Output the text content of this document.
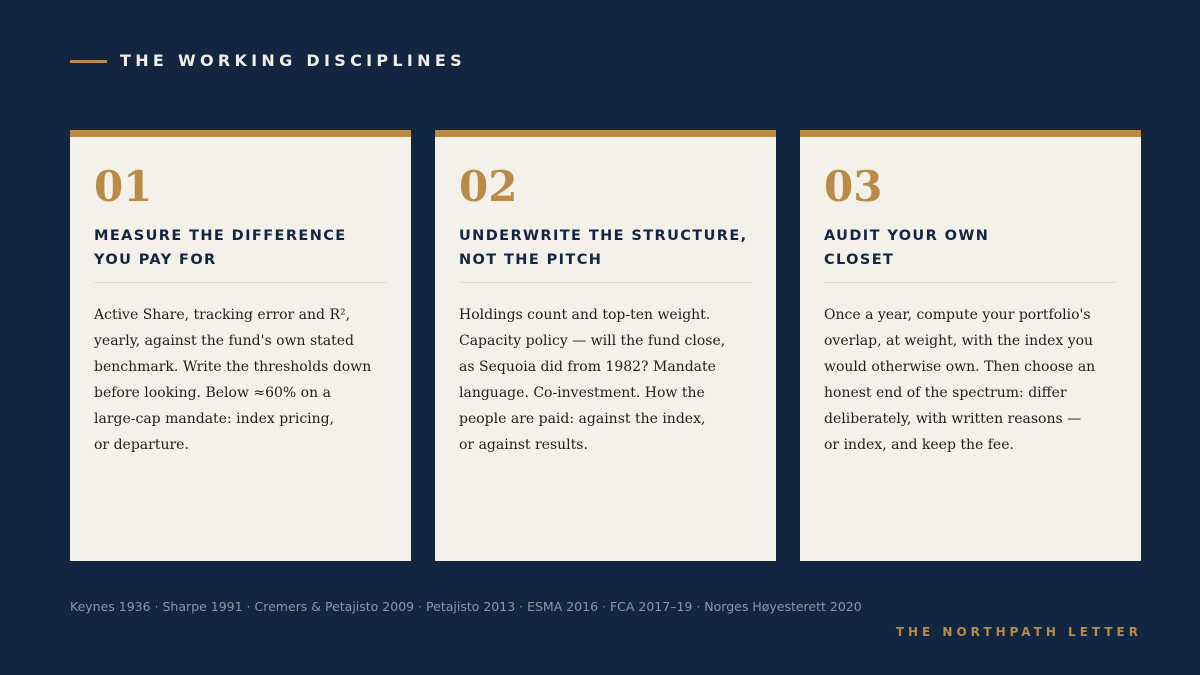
THE WORKING DISCIPLINES
01
MEASURE THE DIFFERENCE
YOU PAY FOR
Active Share, tracking error and R²,
yearly, against the fund's own stated
benchmark. Write the thresholds down
before looking. Below ≈60% on a
large-cap mandate: index pricing,
or departure.
02
UNDERWRITE THE STRUCTURE,
NOT THE PITCH
Holdings count and top-ten weight.
Capacity policy — will the fund close,
as Sequoia did from 1982? Mandate
language. Co-investment. How the
people are paid: against the index,
or against results.
03
AUDIT YOUR OWN
CLOSET
Once a year, compute your portfolio's
overlap, at weight, with the index you
would otherwise own. Then choose an
honest end of the spectrum: differ
deliberately, with written reasons —
or index, and keep the fee.
Keynes 1936 · Sharpe 1991 · Cremers & Petajisto 2009 · Petajisto 2013 · ESMA 2016 · FCA 2017–19 · Norges Høyesterett 2020
THE NORTHPATH LETTER
